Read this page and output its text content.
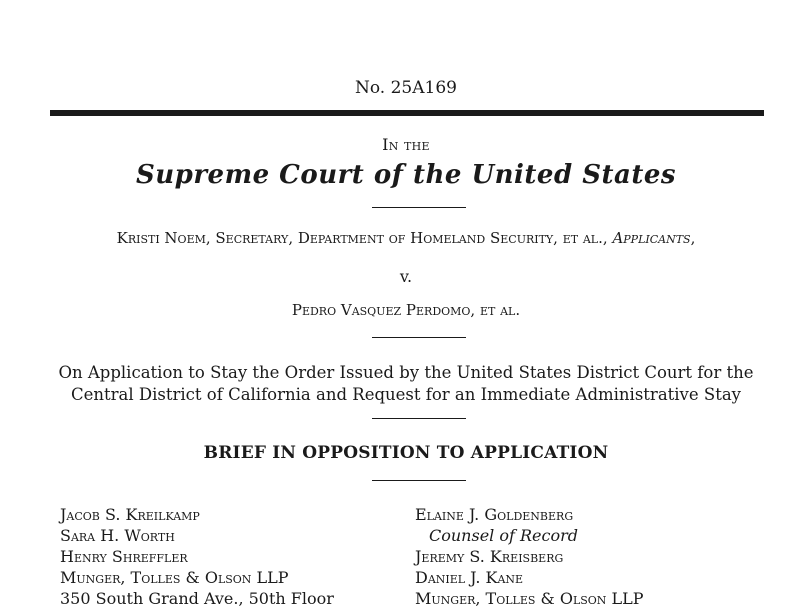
No. 25A169
In the
Supreme Court of the United States
Kristi Noem, Secretary, Department of Homeland Security, et al., Applicants,
v.
Pedro Vasquez Perdomo, et al.
On Application to Stay the Order Issued by the United States District Court for the
Central District of California and Request for an Immediate Administrative Stay
BRIEF IN OPPOSITION TO APPLICATION
Jacob S. Kreilkamp
Sara H. Worth
Henry Shreffler
Munger, Tolles & Olson LLP
350 South Grand Ave., 50th Floor
Elaine J. Goldenberg
Counsel of Record
Jeremy S. Kreisberg
Daniel J. Kane
Munger, Tolles & Olson LLP
